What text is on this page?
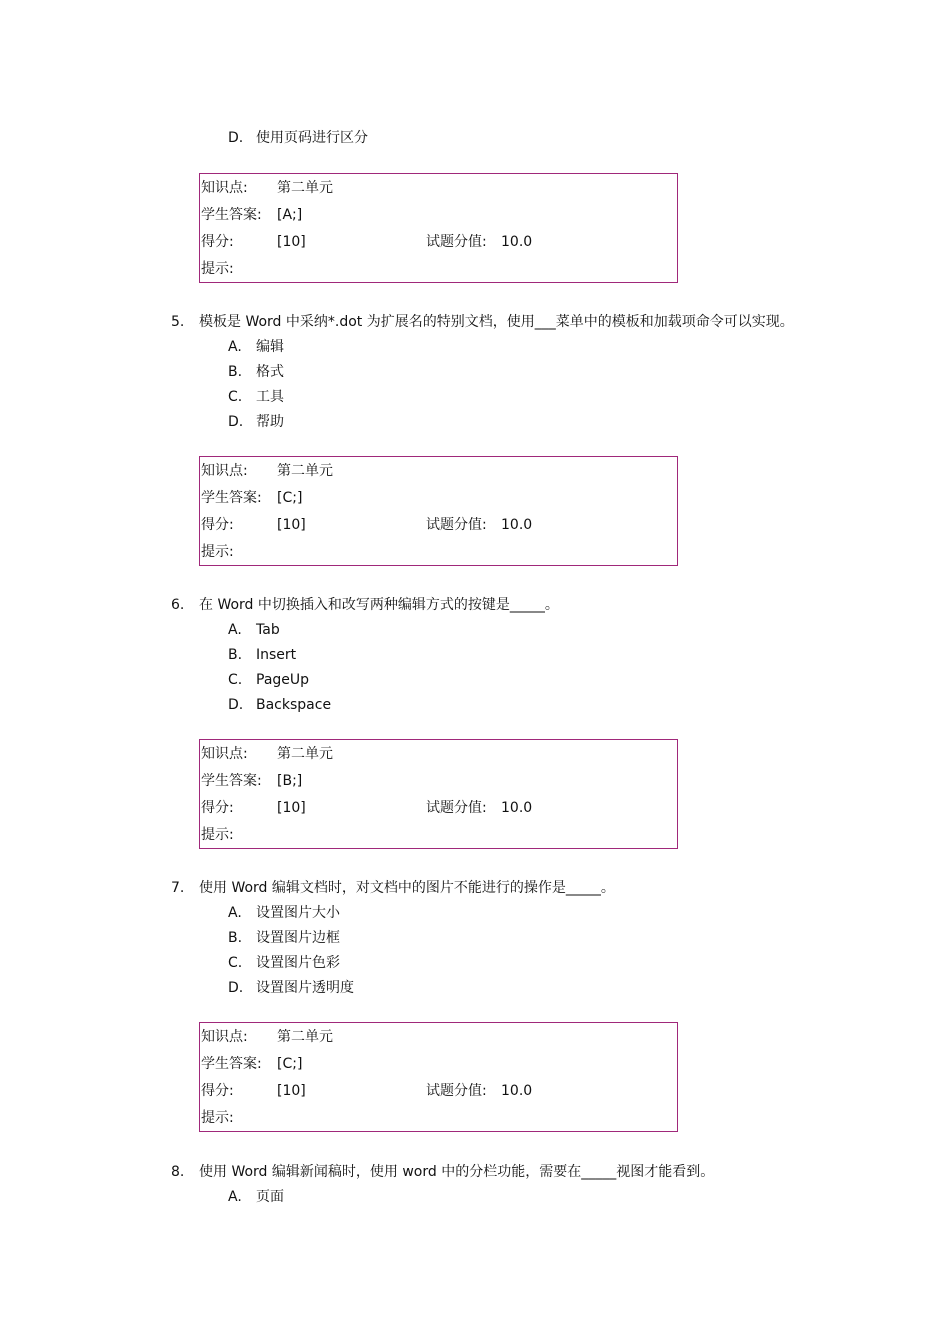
D. 使用页码进行区分
知识点: 第二单元
学生答案: [A;]
得分:	[10]	试题分值: 10.0
提示:
5. 模板是 Word 中采纳*.dot 为扩展名的特别文档，使用___菜单中的模板和加载项命令可以实现。
A. 编辑
B. 格式
C. 工具
D. 帮助
知识点: 第二单元
学生答案: [C;]
得分:	[10]	试题分值: 10.0
提示:
6. 在 Word 中切换插入和改写两种编辑方式的按键是_____。
A. Tab
B. Insert
C. PageUp
D. Backspace
知识点: 第二单元
学生答案: [B;]
得分:	[10]	试题分值: 10.0
提示:
7. 使用 Word 编辑文档时，对文档中的图片不能进行的操作是_____。
A. 设置图片大小
B. 设置图片边框
C. 设置图片色彩
D. 设置图片透明度
知识点: 第二单元
学生答案: [C;]
得分:	[10]	试题分值: 10.0
提示:
8. 使用 Word 编辑新闻稿时，使用 word 中的分栏功能，需要在_____视图才能看到。
A. 页面
